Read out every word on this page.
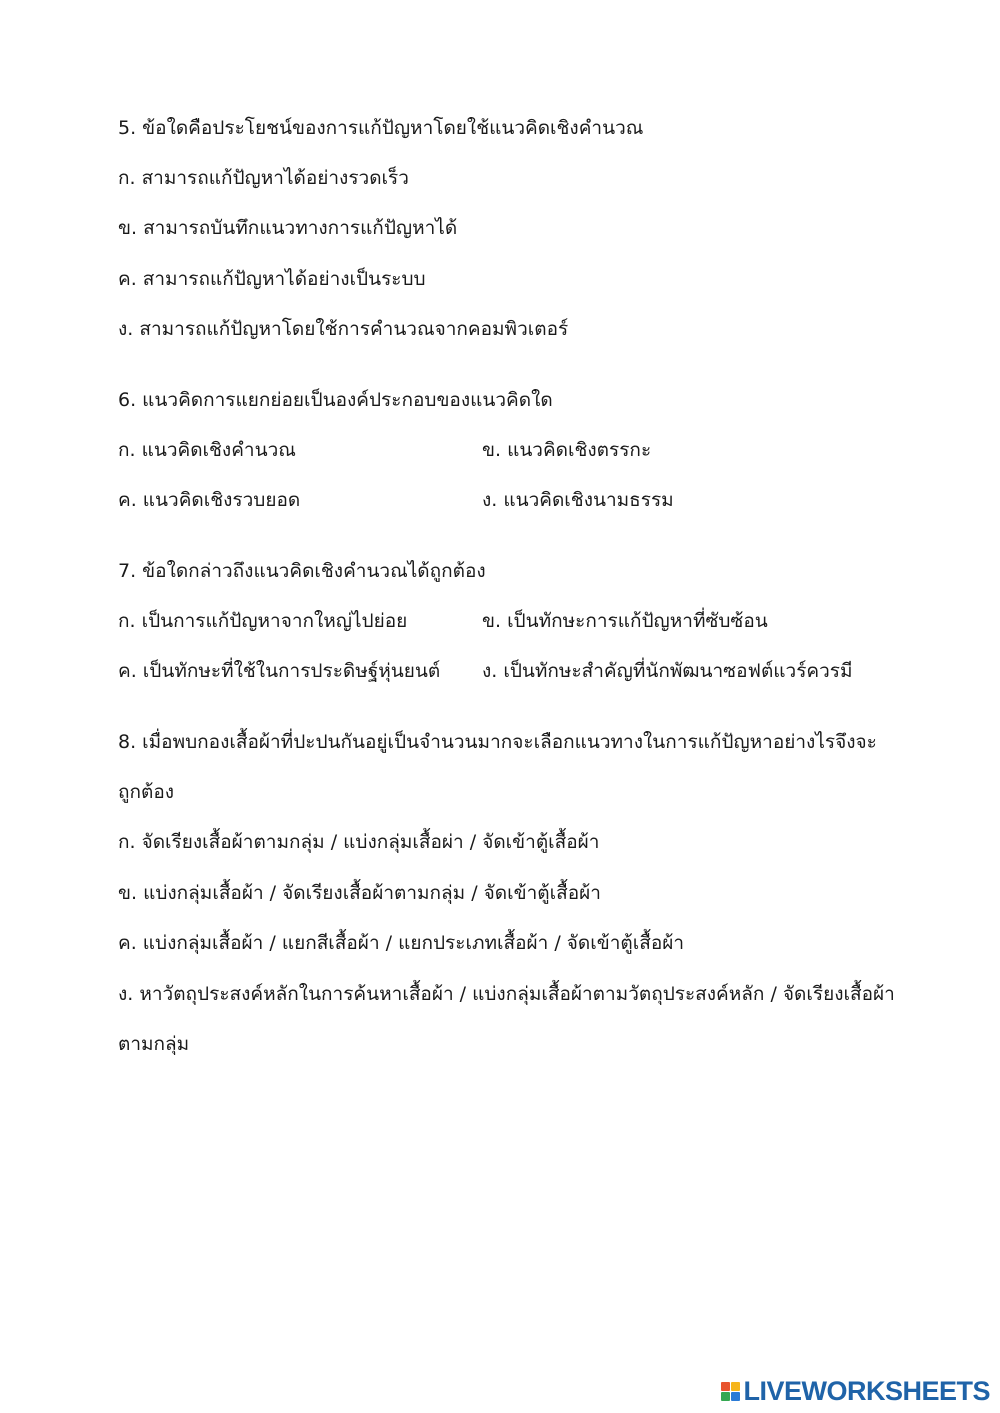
5. ข้อใดคือประโยชน์ของการแก้ปัญหาโดยใช้แนวคิดเชิงคำนวณ
ก. สามารถแก้ปัญหาได้อย่างรวดเร็ว
ข. สามารถบันทึกแนวทางการแก้ปัญหาได้
ค. สามารถแก้ปัญหาได้อย่างเป็นระบบ
ง. สามารถแก้ปัญหาโดยใช้การคำนวณจากคอมพิวเตอร์
6. แนวคิดการแยกย่อยเป็นองค์ประกอบของแนวคิดใด
ก. แนวคิดเชิงคำนวณ	ข. แนวคิดเชิงตรรกะ
ค. แนวคิดเชิงรวบยอด	ง. แนวคิดเชิงนามธรรม
7. ข้อใดกล่าวถึงแนวคิดเชิงคำนวณได้ถูกต้อง
ก. เป็นการแก้ปัญหาจากใหญ่ไปย่อย	ข. เป็นทักษะการแก้ปัญหาที่ซับซ้อน
ค. เป็นทักษะที่ใช้ในการประดิษฐ์หุ่นยนต์ ง. เป็นทักษะสำคัญที่นักพัฒนาซอฟต์แวร์ควรมี
8. เมื่อพบกองเสื้อผ้าที่ปะปนกันอยู่เป็นจำนวนมากจะเลือกแนวทางในการแก้ปัญหาอย่างไรจึงจะ
ถูกต้อง
ก. จัดเรียงเสื้อผ้าตามกลุ่ม / แบ่งกลุ่มเสื้อผ่า / จัดเข้าตู้เสื้อผ้า
ข. แบ่งกลุ่มเสื้อผ้า / จัดเรียงเสื้อผ้าตามกลุ่ม / จัดเข้าตู้เสื้อผ้า
ค. แบ่งกลุ่มเสื้อผ้า / แยกสีเสื้อผ้า / แยกประเภทเสื้อผ้า / จัดเข้าตู้เสื้อผ้า
ง. หาวัตถุประสงค์หลักในการค้นหาเสื้อผ้า / แบ่งกลุ่มเสื้อผ้าตามวัตถุประสงค์หลัก / จัดเรียงเสื้อผ้า
ตามกลุ่ม
LIVEWORKSHEETS
